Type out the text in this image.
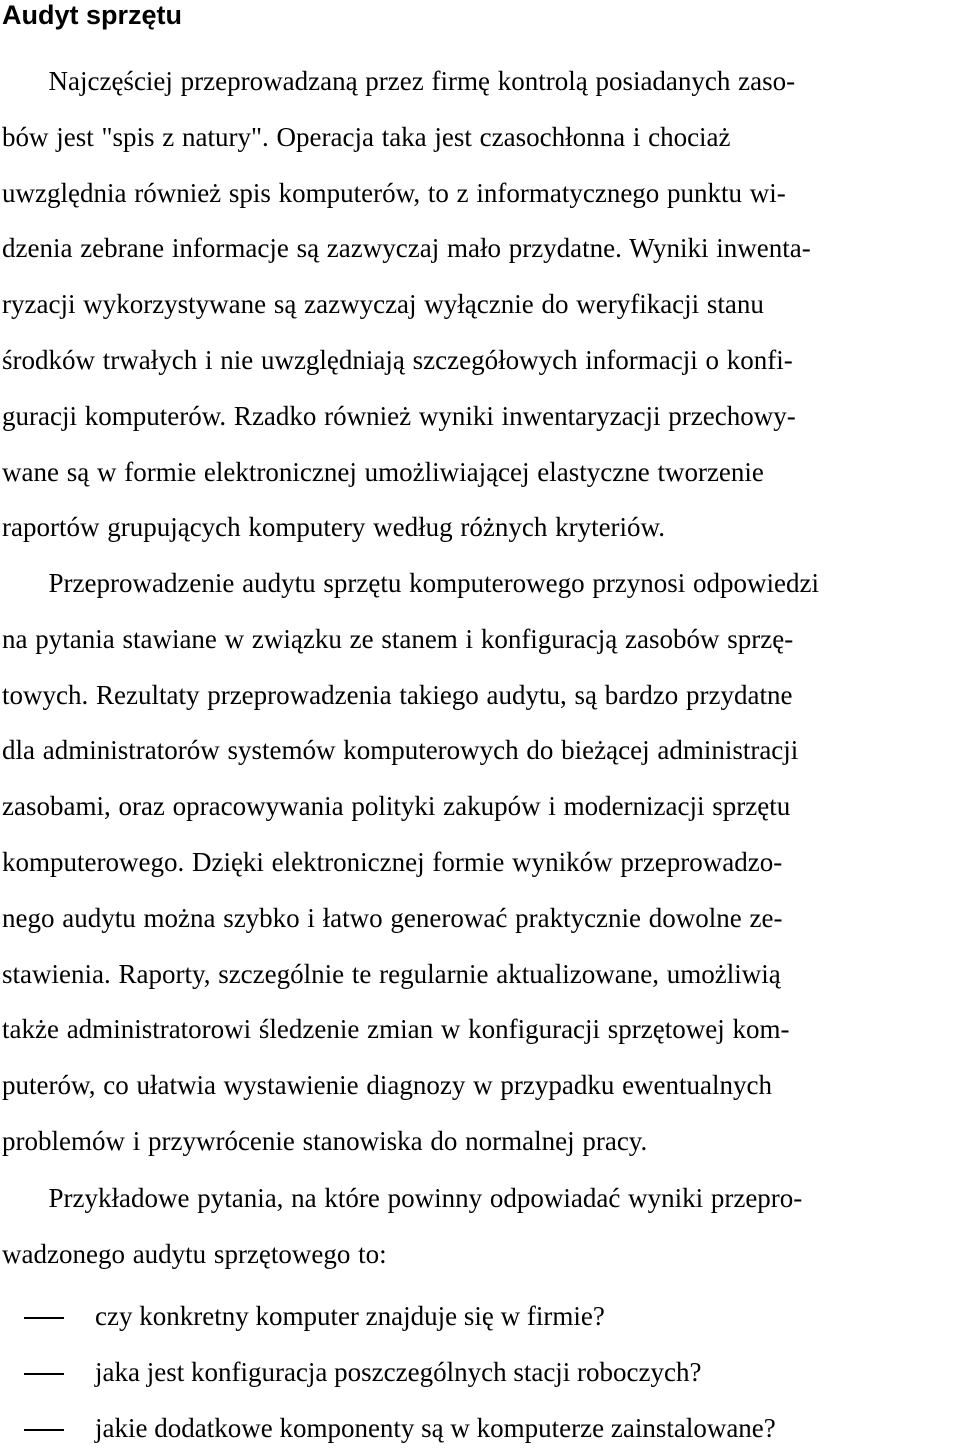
Audyt sprzętu

Najczęściej przeprowadzaną przez firmę kontrolą posiadanych zaso-
bów jest "spis z natury". Operacja taka jest czasochłonna i chociaż
uwzględnia również spis komputerów, to z informatycznego punktu wi-
dzenia zebrane informacje są zazwyczaj mało przydatne. Wyniki inwenta-
ryzacji wykorzystywane są zazwyczaj wyłącznie do weryfikacji stanu
środków trwałych i nie uwzględniają szczegółowych informacji o konfi-
guracji komputerów. Rzadko również wyniki inwentaryzacji przechowy-
wane są w formie elektronicznej umożliwiającej elastyczne tworzenie
raportów grupujących komputery według różnych kryteriów.

Przeprowadzenie audytu sprzętu komputerowego przynosi odpowiedzi
na pytania stawiane w związku ze stanem i konfiguracją zasobów sprzę-
towych. Rezultaty przeprowadzenia takiego audytu, są bardzo przydatne
dla administratorów systemów komputerowych do bieżącej administracji
zasobami, oraz opracowywania polityki zakupów i modernizacji sprzętu
komputerowego. Dzięki elektronicznej formie wyników przeprowadzo-
nego audytu można szybko i łatwo generować praktycznie dowolne ze-
stawienia. Raporty, szczególnie te regularnie aktualizowane, umożliwią
także administratorowi śledzenie zmian w konfiguracji sprzętowej kom-
puterów, co ułatwia wystawienie diagnozy w przypadku ewentualnych
problemów i przywrócenie stanowiska do normalnej pracy.

Przykładowe pytania, na które powinny odpowiadać wyniki przepro-
wadzonego audytu sprzętowego to:

czy konkretny komputer znajduje się w firmie?
jaka jest konfiguracja poszczególnych stacji roboczych?
jakie dodatkowe komponenty są w komputerze zainstalowane?
